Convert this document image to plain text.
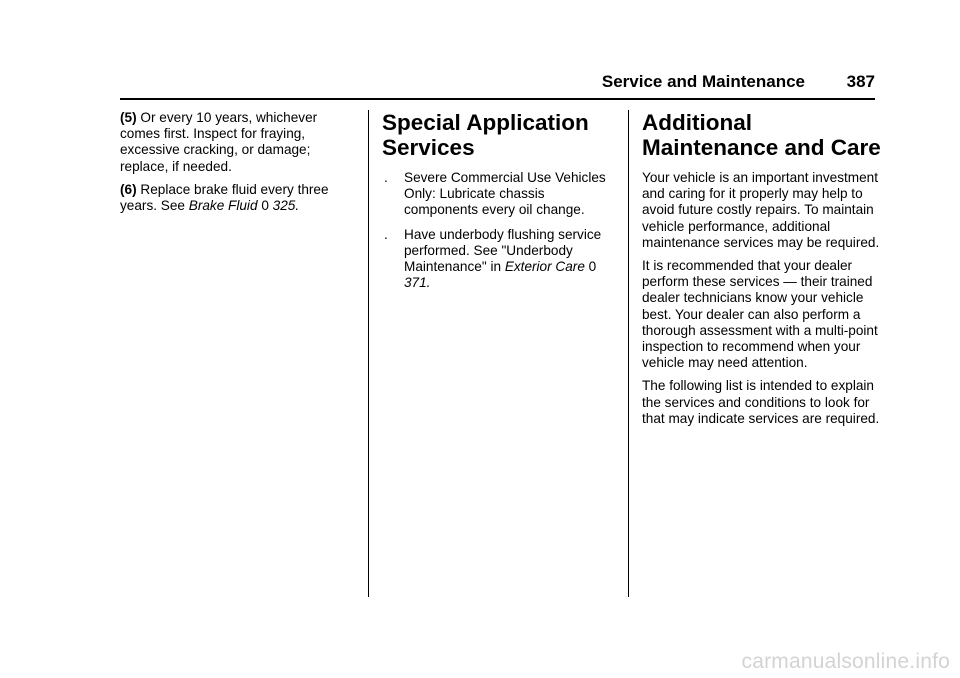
Service and Maintenance 387

(5) Or every 10 years, whichever comes first. Inspect for fraying, excessive cracking, or damage; replace, if needed.

(6) Replace brake fluid every three years. See Brake Fluid 0 325.

Special Application Services
. Severe Commercial Use Vehicles Only: Lubricate chassis components every oil change.
. Have underbody flushing service performed. See "Underbody Maintenance" in Exterior Care 0 371.
Additional Maintenance and Care

Your vehicle is an important investment and caring for it properly may help to avoid future costly repairs. To maintain vehicle performance, additional maintenance services may be required.

It is recommended that your dealer perform these services — their trained dealer technicians know your vehicle best. Your dealer can also perform a thorough assessment with a multi-point inspection to recommend when your vehicle may need attention.

The following list is intended to explain the services and conditions to look for that may indicate services are required.

carmanualsonline.info
